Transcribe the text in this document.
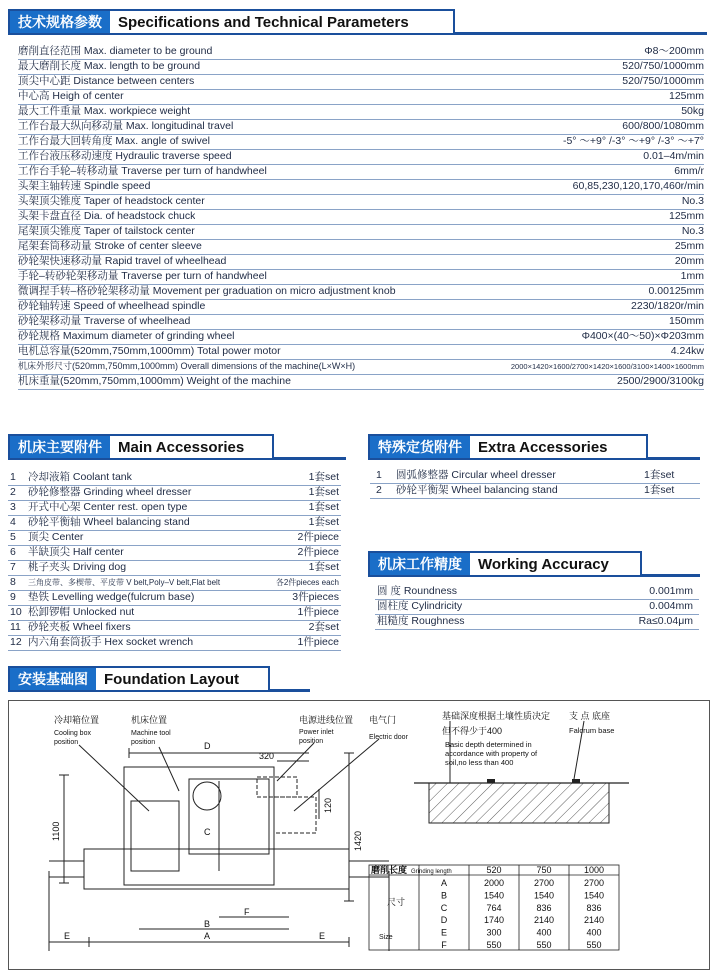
技术规格参数	Specifications and Technical Parameters
磨削直径范围 Max. diameter to be ground	Φ8～200mm
最大磨削长度 Max. length to be ground	520/750/1000mm
顶尖中心距 Distance between centers	520/750/1000mm
中心高 Heigh of center	125mm
最大工件重量 Max. workpiece weight	50kg
工作台最大纵向移动量 Max. longitudinal travel	600/800/1080mm
工作台最大回转角度 Max. angle of swivel	-5° ～+9° /-3° ～+9° /-3° ～+7°
工作台液压移动速度 Hydraulic traverse speed	0.01–4m/min
工作台手轮–转移动量 Traverse per turn of handwheel	6mm/r
头架主轴转速 Spindle speed	60,85,230,120,170,460r/min
头架顶尖锥度 Taper of headstock center	No.3
头架卡盘直径 Dia. of headstock chuck	125mm
尾架顶尖锥度 Taper of tailstock center	No.3
尾架套筒移动量 Stroke of center sleeve	25mm
砂轮架快速移动量 Rapid travel of wheelhead	20mm
手轮–转砂轮架移动量 Traverse per turn of handwheel	1mm
微调捏手转–格砂轮架移动量 Movement per graduation on micro adjustment knob	0.00125mm
砂轮轴转速 Speed of wheelhead spindle	2230/1820r/min
砂轮架移动量 Traverse of wheelhead	150mm
砂轮规格 Maximum diameter of grinding wheel	Φ400×(40～50)×Φ203mm
电机总容量(520mm,750mm,1000mm) Total power motor	4.24kw
机床外形尺寸(520mm,750mm,1000mm) Overall dimensions of the machine(L×W×H)	2000×1420×1600/2700×1420×1600/3100×1400×1600mm
机床重量(520mm,750mm,1000mm) Weight of the machine	2500/2900/3100kg
机床主要附件	Main Accessories
1 冷却液箱 Coolant tank	1套set
2 砂轮修整器 Grinding wheel dresser	1套set
3 开式中心架 Center rest. open type	1套set
4 砂轮平衡轴 Wheel balancing stand	1套set
5 顶尖 Center	2件piece
6 半缺顶尖 Half center	2件piece
7 桃子夹头 Driving dog	1套set
8 三角皮带、多楔带、平皮带 V belt,Poly–V belt,Flat belt	各2件pieces each
9 垫铁 Levelling wedge(fulcrum base)	3件pieces
10 松卸锣帽 Unlocked nut	1件piece
11 砂轮夹板 Wheel fixers	2套set
12 内六角套筒扳手 Hex socket wrench	1件piece
特殊定货附件	Extra Accessories
1 圆弧修整器 Circular wheel dresser	1套set
2 砂轮平衡架 Wheel balancing stand	1套set
机床工作精度	Working Accuracy
圆 度 Roundness	0.001mm
圆柱度 Cylindricity	0.004mm
粗糙度 Roughness	Ra≤0.04μm
安装基础图	Foundation Layout
冷却箱位置
Cooling box
position
机床位置
Machine tool
position
电源进线位置
Power inlet
position
电气门
Electric door
D
320
C
B
A
E	E
F
120
1420
1100
基础深度根据土壤性质决定
但不得少于400
Basic depth determined in
accordance with property of
soil,no less than 400
支 点 底座
Falcrum base
磨削长度 Grinding length
尺寸
Size
520	750	1000
A	2000	2700	2700
B	1540	1540	1540
C	764	836	836
D	1740	2140	2140
E	300	400	400
F	550	550	550
